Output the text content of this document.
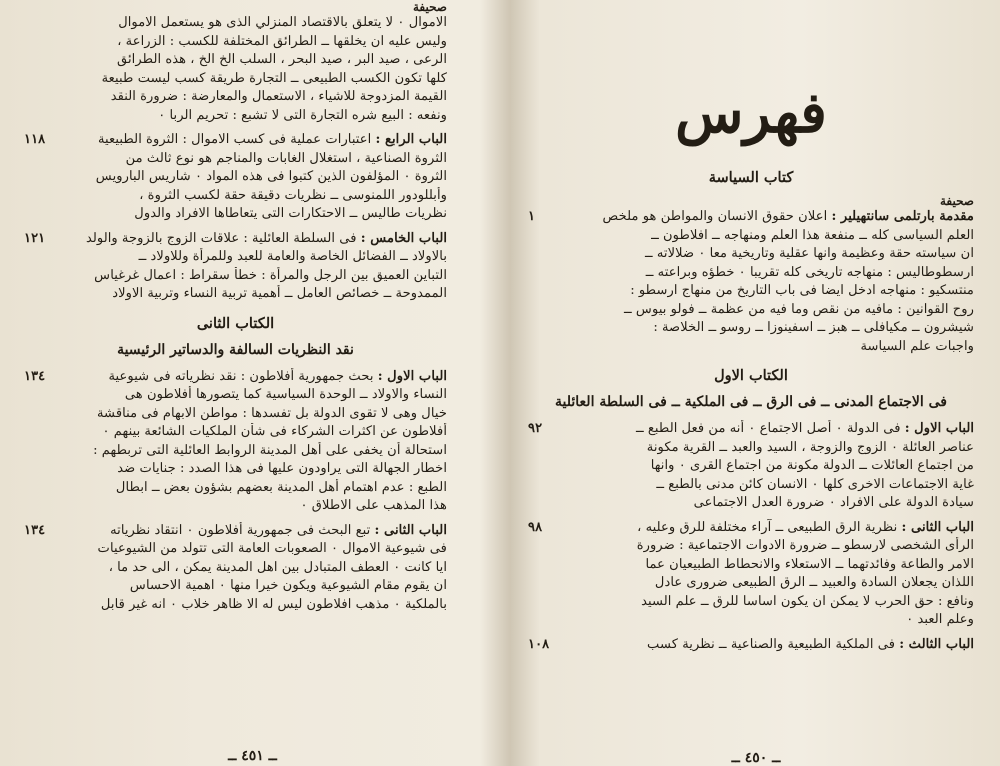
صحيفة
الاموال ٠ لا يتعلق بالاقتصاد المنزلي الذى هو يستعمل الاموال
وليس عليه ان يخلقها ــ الطرائق المختلفة للكسب : الزراعة ،
الرعى ، صيد البر ، صيد البحر ، السلب الخ الخ ، هذه الطرائق
كلها تكون الكسب الطبيعى ــ التجارة طريقة كسب ليست طبيعة
القيمة المزدوجة للاشياء ، الاستعمال والمعارضة : ضرورة النقد
ونفعه : البيع شره التجارة التى لا تشبع : تحريم الربا ٠
الباب الرابع : اعتبارات عملية فى كسب الاموال : الثروة الطبيعية
١١٨
الثروة الصناعية ، استغلال الغابات والمناجم هو نوع ثالث من
الثروة ٠ المؤلفون الذين كتبوا فى هذه المواد ٠ شاريس البارويس
وأبللودور اللمنوسى ــ نظريات دقيقة حقة لكسب الثروة ،
نظريات طاليس ــ الاحتكارات التى يتعاطاها الافراد والدول
الباب الخامس : فى السلطة العائلية : علاقات الزوج بالزوجة والولد
١٢١
بالاولاد ــ الفضائل الخاصة والعامة للعبد وللمرأة وللاولاد ــ
التباين العميق بين الرجل والمرأة : خطأ سقراط : اعمال غرغياس
الممدوحة ــ خصائص العامل ــ أهمية تربية النساء وتربية الاولاد
الكتاب الثانى
نقد النظريات السالفة والدساتير الرئيسية
الباب الاول : بحث جمهورية أفلاطون : نقد نظرياته فى شيوعية
١٣٤
النساء والاولاد ــ الوحدة السياسية كما يتصورها أفلاطون هى
خيال وهى لا تقوى الدولة بل تفسدها : مواطن الابهام فى مناقشة
أفلاطون عن اكثرات الشركاء فى شأن الملكيات الشائعة بينهم ٠
استحالة أن يخفى على أهل المدينة الروابط العائلية التى تربطهم :
اخطار الجهالة التى يراودون عليها فى هذا الصدد : جنايات ضد
الطبع : عدم اهتمام أهل المدينة بعضهم بشؤون بعض ــ ابطال
هذا المذهب على الاطلاق ٠
الباب الثانى : تبع البحث فى جمهورية أفلاطون ٠ انتقاد نظرياته
١٣٤
فى شيوعية الاموال ٠ الصعوبات العامة التى تتولد من الشيوعيات
ايا كانت ٠ العطف المتبادل بين اهل المدينة يمكن ، الى حد ما ،
ان يقوم مقام الشيوعية ويكون خيرا منها ٠ اهمية الاحساس
بالملكية ٠ مذهب افلاطون ليس له الا ظاهر خلاب ٠ انه غير قابل
ــ ٤٥١ ــ
فهرس
كتاب السياسة
صحيفة
مقدمة بارتلمى سانتهيلير : اعلان حقوق الانسان والمواطن هو ملخص
١
العلم السياسى كله ــ منفعة هذا العلم ومنهاجه ــ افلاطون ــ
ان سياسته حقة وعظيمة وانها عقلية وتاريخية معا ٠ ضلالاته ــ
ارسطوطاليس : منهاجه تاريخى كله تقريبا ٠ خطؤه وبراعته ــ
منتسكيو : منهاجه ادخل ايضا فى باب التاريخ من منهاج ارسطو :
روح القوانين : مافيه من نقص وما فيه من عظمة ــ فولو بيوس ــ
شيشرون ــ مكيافلى ــ هبز ــ اسفينوزا ــ روسو ــ الخلاصة :
واجبات علم السياسة
الكتاب الاول
فى الاجتماع المدنى ــ فى الرق ــ فى الملكية ــ فى السلطة العائلية
الباب الاول : فى الدولة ٠ أصل الاجتماع ٠ أنه من فعل الطبع ــ
٩٢
عناصر العائلة ٠ الزوج والزوجة ، السيد والعبد ــ القرية مكونة
من اجتماع العائلات ــ الدولة مكونة من اجتماع القرى ٠ وانها
غاية الاجتماعات الاخرى كلها ٠ الانسان كائن مدنى بالطبع ــ
سيادة الدولة على الافراد ٠ ضرورة العدل الاجتماعى
الباب الثانى : نظرية الرق الطبيعى ــ آراء مختلفة للرق وعليه ،
٩٨
الرأى الشخصى لارسطو ــ ضرورة الادوات الاجتماعية : ضرورة
الامر والطاعة وفائدتهما ــ الاستعلاء والانحطاط الطبيعيان عما
اللذان يجعلان السادة والعبيد ــ الرق الطبيعى ضرورى عادل
ونافع : حق الحرب لا يمكن ان يكون اساسا للرق ــ علم السيد
وعلم العبد ٠
الباب الثالث : فى الملكية الطبيعية والصناعية ــ نظرية كسب
١٠٨
ــ ٤٥٠ ــ
